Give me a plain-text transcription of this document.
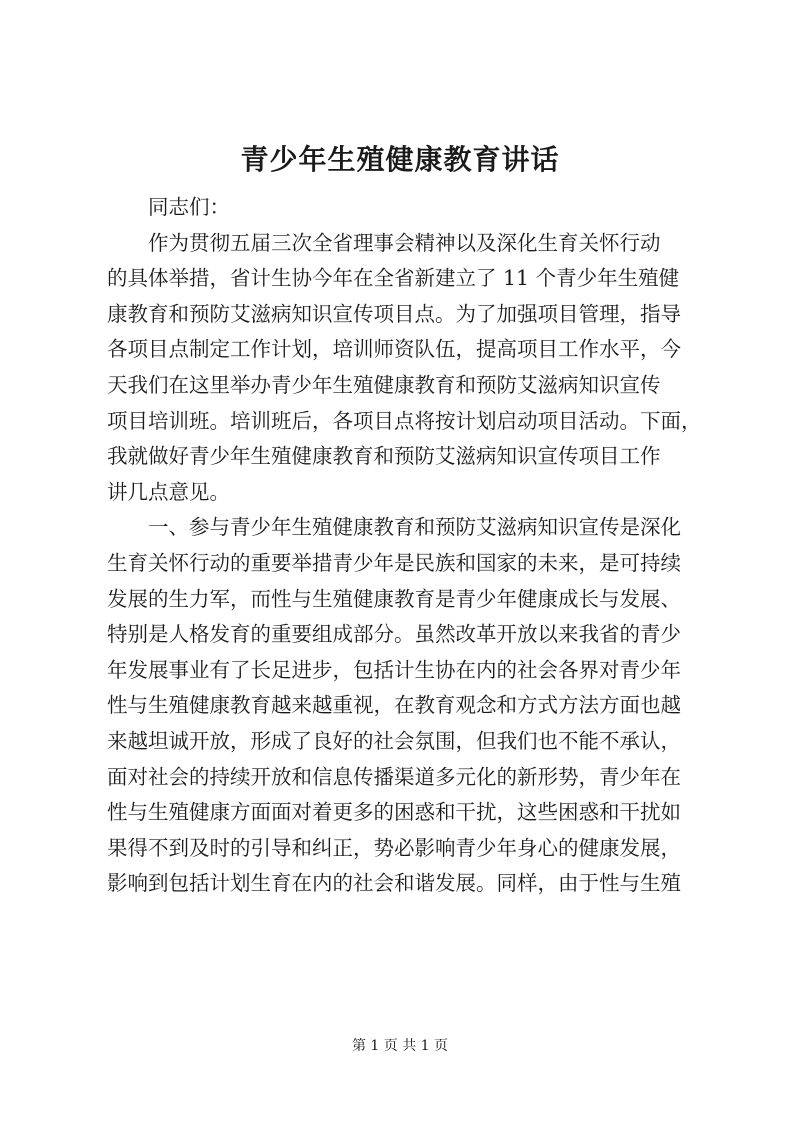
青少年生殖健康教育讲话
同志们：
作为贯彻五届三次全省理事会精神以及深化生育关怀行动
的具体举措，省计生协今年在全省新建立了 11 个青少年生殖健
康教育和预防艾滋病知识宣传项目点。为了加强项目管理，指导
各项目点制定工作计划，培训师资队伍，提高项目工作水平，今
天我们在这里举办青少年生殖健康教育和预防艾滋病知识宣传
项目培训班。培训班后，各项目点将按计划启动项目活动。下面，
我就做好青少年生殖健康教育和预防艾滋病知识宣传项目工作
讲几点意见。
一、参与青少年生殖健康教育和预防艾滋病知识宣传是深化
生育关怀行动的重要举措青少年是民族和国家的未来，是可持续
发展的生力军，而性与生殖健康教育是青少年健康成长与发展、
特别是人格发育的重要组成部分。虽然改革开放以来我省的青少
年发展事业有了长足进步，包括计生协在内的社会各界对青少年
性与生殖健康教育越来越重视，在教育观念和方式方法方面也越
来越坦诚开放，形成了良好的社会氛围，但我们也不能不承认，
面对社会的持续开放和信息传播渠道多元化的新形势，青少年在
性与生殖健康方面面对着更多的困惑和干扰，这些困惑和干扰如
果得不到及时的引导和纠正，势必影响青少年身心的健康发展，
影响到包括计划生育在内的社会和谐发展。同样，由于性与生殖
第 1 页 共 1 页
